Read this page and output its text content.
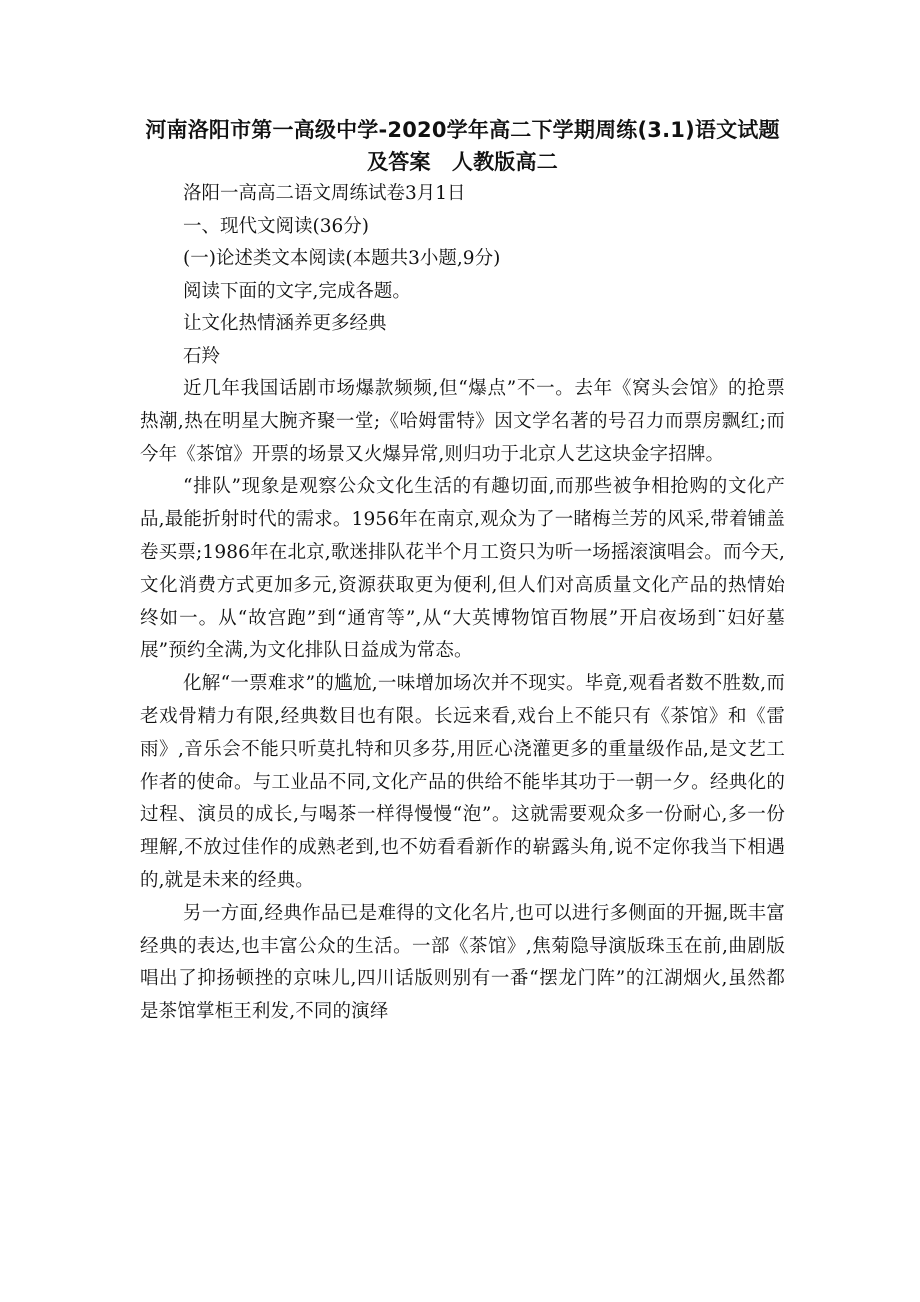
河南洛阳市第一高级中学-2020学年高二下学期周练(3.1)语文试题及答案　人教版高二

洛阳一高高二语文周练试卷3月1日

一、现代文阅读(36分)

(一)论述类文本阅读(本题共3小题,9分)

阅读下面的文字,完成各题。

让文化热情涵养更多经典

石羚

近几年我国话剧市场爆款频频,但“爆点”不一。去年《窝头会馆》的抢票热潮,热在明星大腕齐聚一堂;《哈姆雷特》因文学名著的号召力而票房飘红;而今年《茶馆》开票的场景又火爆异常,则归功于北京人艺这块金字招牌。

“排队”现象是观察公众文化生活的有趣切面,而那些被争相抢购的文化产品,最能折射时代的需求。1956年在南京,观众为了一睹梅兰芳的风采,带着铺盖卷买票;1986年在北京,歌迷排队花半个月工资只为听一场摇滚演唱会。而今天,文化消费方式更加多元,资源获取更为便利,但人们对高质量文化产品的热情始终如一。从“故宫跑”到“通宵等”,从“大英博物馆百物展”开启夜场到¨妇好墓展”预约全满,为文化排队日益成为常态。

化解“一票难求”的尴尬,一味增加场次并不现实。毕竟,观看者数不胜数,而老戏骨精力有限,经典数目也有限。长远来看,戏台上不能只有《茶馆》和《雷雨》,音乐会不能只听莫扎特和贝多芬,用匠心浇灌更多的重量级作品,是文艺工作者的使命。与工业品不同,文化产品的供给不能毕其功于一朝一夕。经典化的过程、演员的成长,与喝茶一样得慢慢“泡”。这就需要观众多一份耐心,多一份理解,不放过佳作的成熟老到,也不妨看看新作的崭露头角,说不定你我当下相遇的,就是未来的经典。

另一方面,经典作品已是难得的文化名片,也可以进行多侧面的开掘,既丰富经典的表达,也丰富公众的生活。一部《茶馆》,焦菊隐导演版珠玉在前,曲剧版唱出了抑扬顿挫的京味儿,四川话版则别有一番“摆龙门阵”的江湖烟火,虽然都是茶馆掌柜王利发,不同的演绎
